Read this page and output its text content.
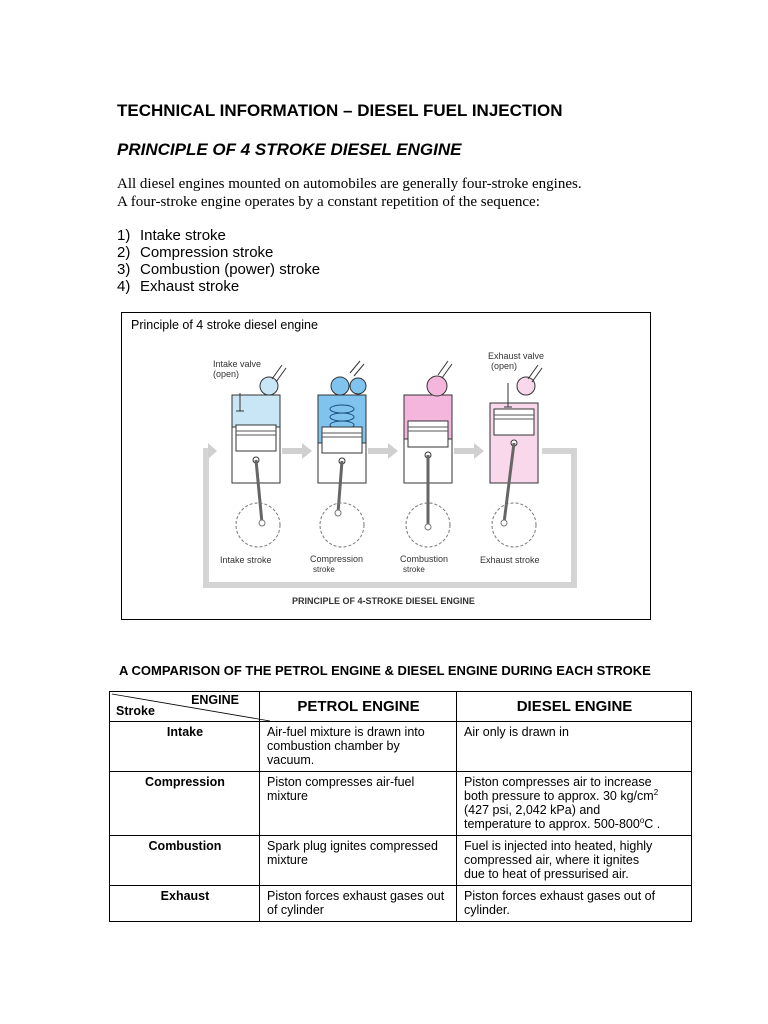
TECHNICAL INFORMATION – DIESEL FUEL INJECTION
PRINCIPLE OF 4 STROKE DIESEL ENGINE
All diesel engines mounted on automobiles are generally four-stroke engines.
A four-stroke engine operates by a constant repetition of the sequence:
1) Intake stroke
2) Compression stroke
3) Combustion (power) stroke
4) Exhaust stroke
Intake valve
(open)
Exhaust valve
(open)
Intake stroke	Compression
stroke
Combustion
stroke
Exhaust stroke
PRINCIPLE OF 4-STROKE DIESEL ENGINE
Principle of 4 stroke diesel engine
A COMPARISON OF THE PETROL ENGINE & DIESEL ENGINE DURING EACH STROKE
ENGINE
Stroke	PETROL ENGINE	DIESEL ENGINE
Intake	Air-fuel mixture is drawn into
combustion chamber by
vacuum.	Air only is drawn in
Compression	Piston compresses air-fuel
mixture	Piston compresses air to increase
both pressure to approx. 30 $kg/cm^2$
(427 psi, 2,042 kPa) and
temperature to approx. 500-800$^o$C .
Combustion	Spark plug ignites compressed
mixture	Fuel is injected into heated, highly
compressed air, where it ignites
due to heat of pressurised air.
Exhaust	Piston forces exhaust gases out
of cylinder	Piston forces exhaust gases out of
cylinder.
